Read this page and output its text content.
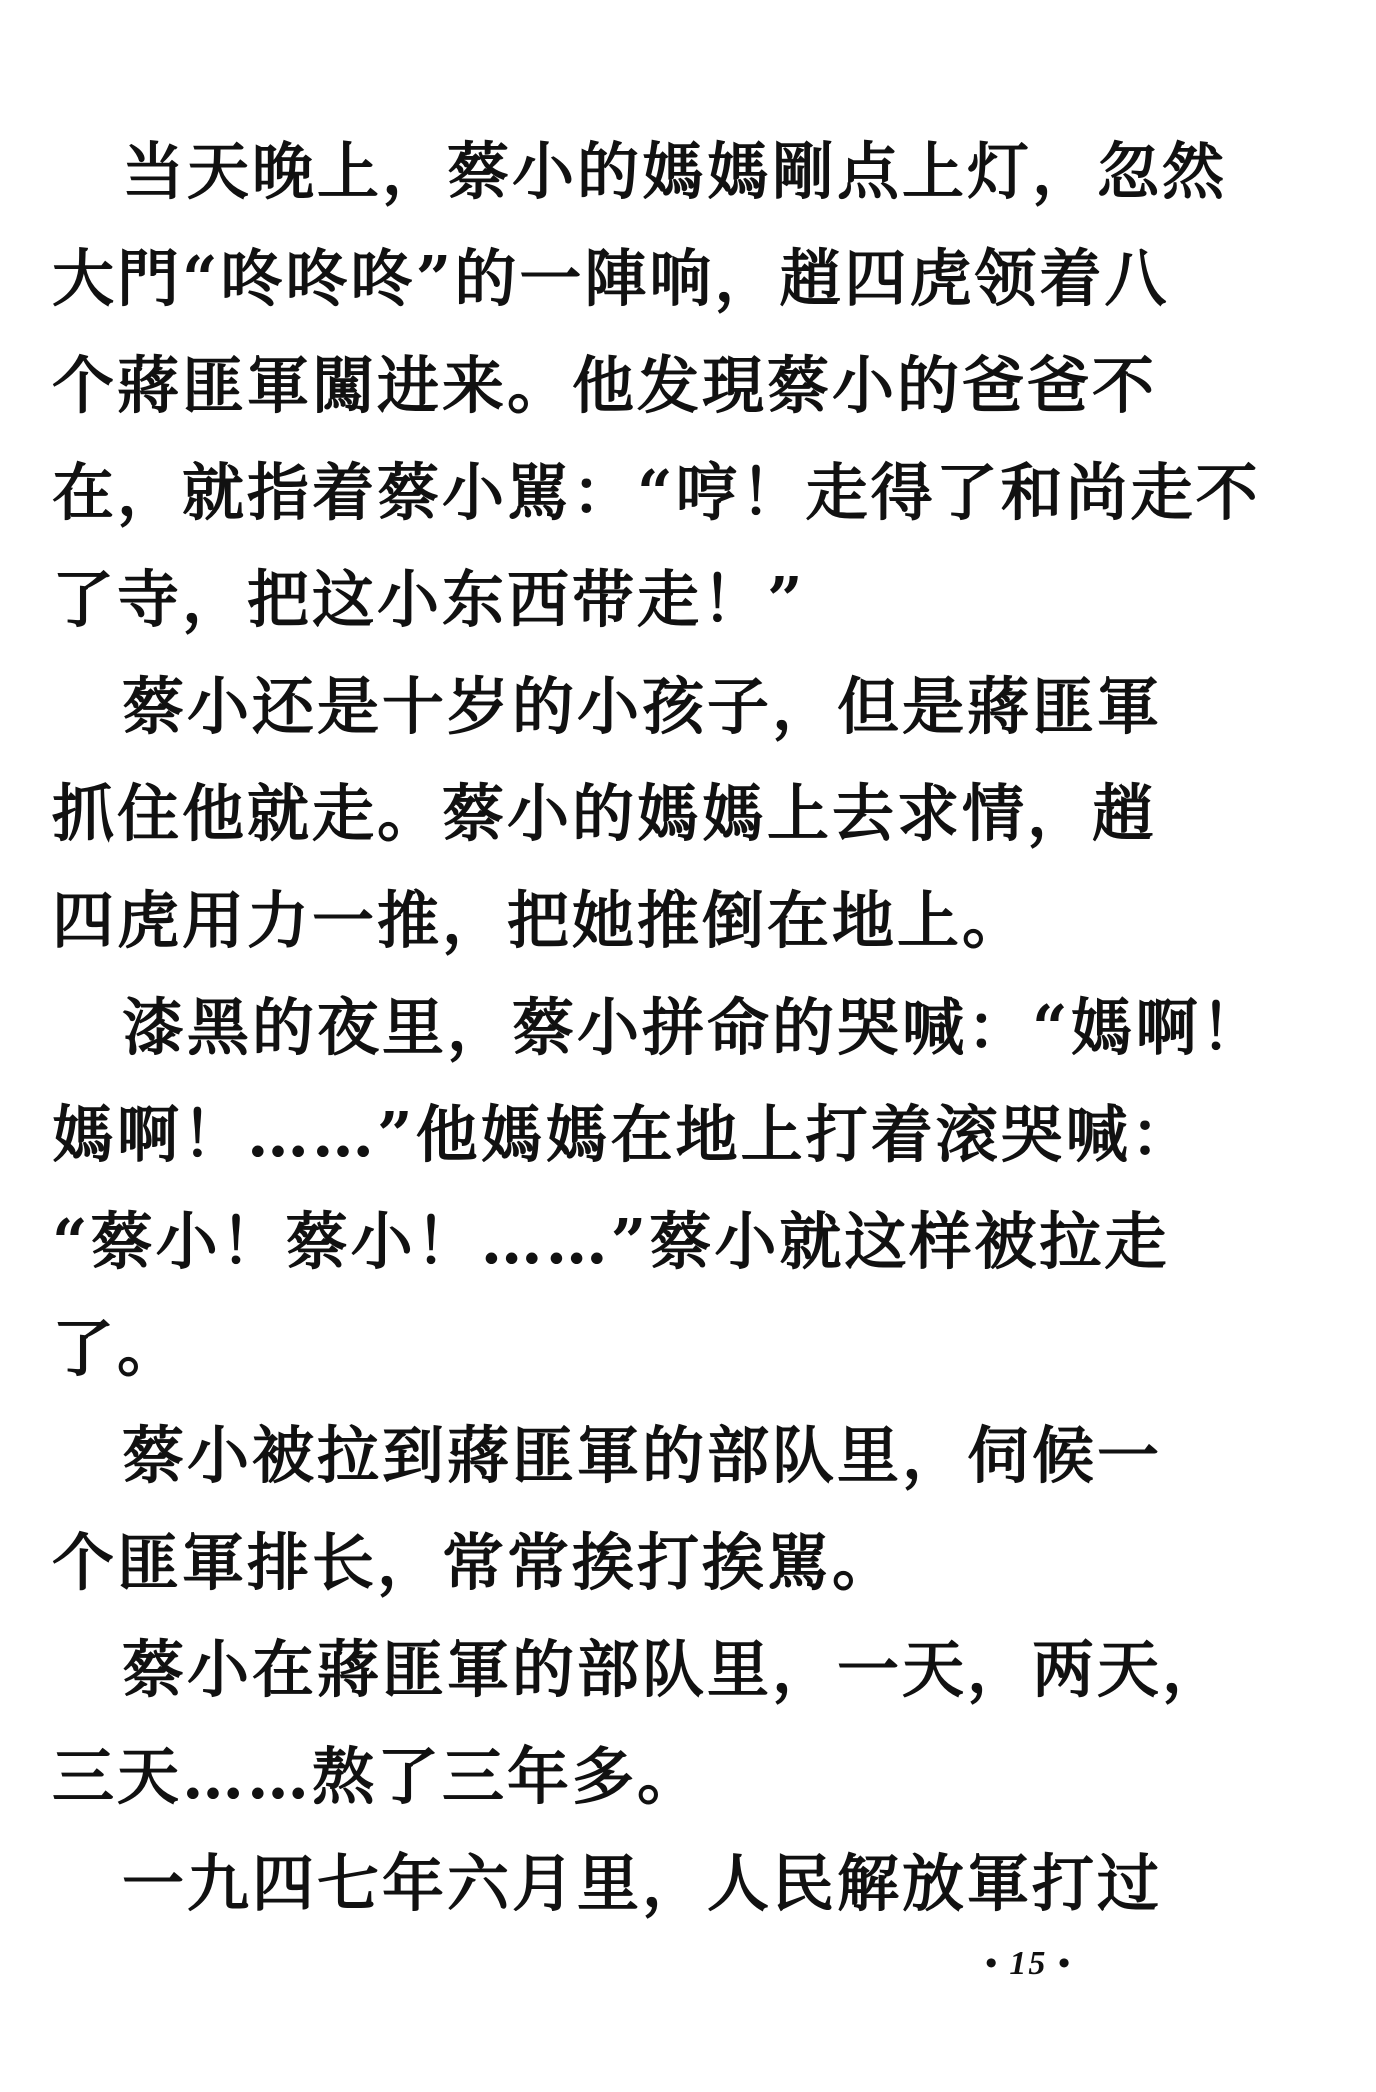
当天晚上，蔡小的媽媽剛点上灯，忽然
大門“咚咚咚”的一陣响，趙四虎领着八
个蔣匪軍闖进来。他发現蔡小的爸爸不
在，就指着蔡小駡：“哼！走得了和尚走不
了寺，把这小东西带走！”
蔡小还是十岁的小孩子，但是蔣匪軍
抓住他就走。蔡小的媽媽上去求情，趙
四虎用力一推，把她推倒在地上。
漆黑的夜里，蔡小拼命的哭喊：“媽啊！
媽啊！……”他媽媽在地上打着滚哭喊：
“蔡小！蔡小！……”蔡小就这样被拉走
了。
蔡小被拉到蔣匪軍的部队里，伺候一
个匪軍排长，常常挨打挨駡。
蔡小在蔣匪軍的部队里，一天，两天，
三天……熬了三年多。
一九四七年六月里，人民解放軍打过
• 15 •
